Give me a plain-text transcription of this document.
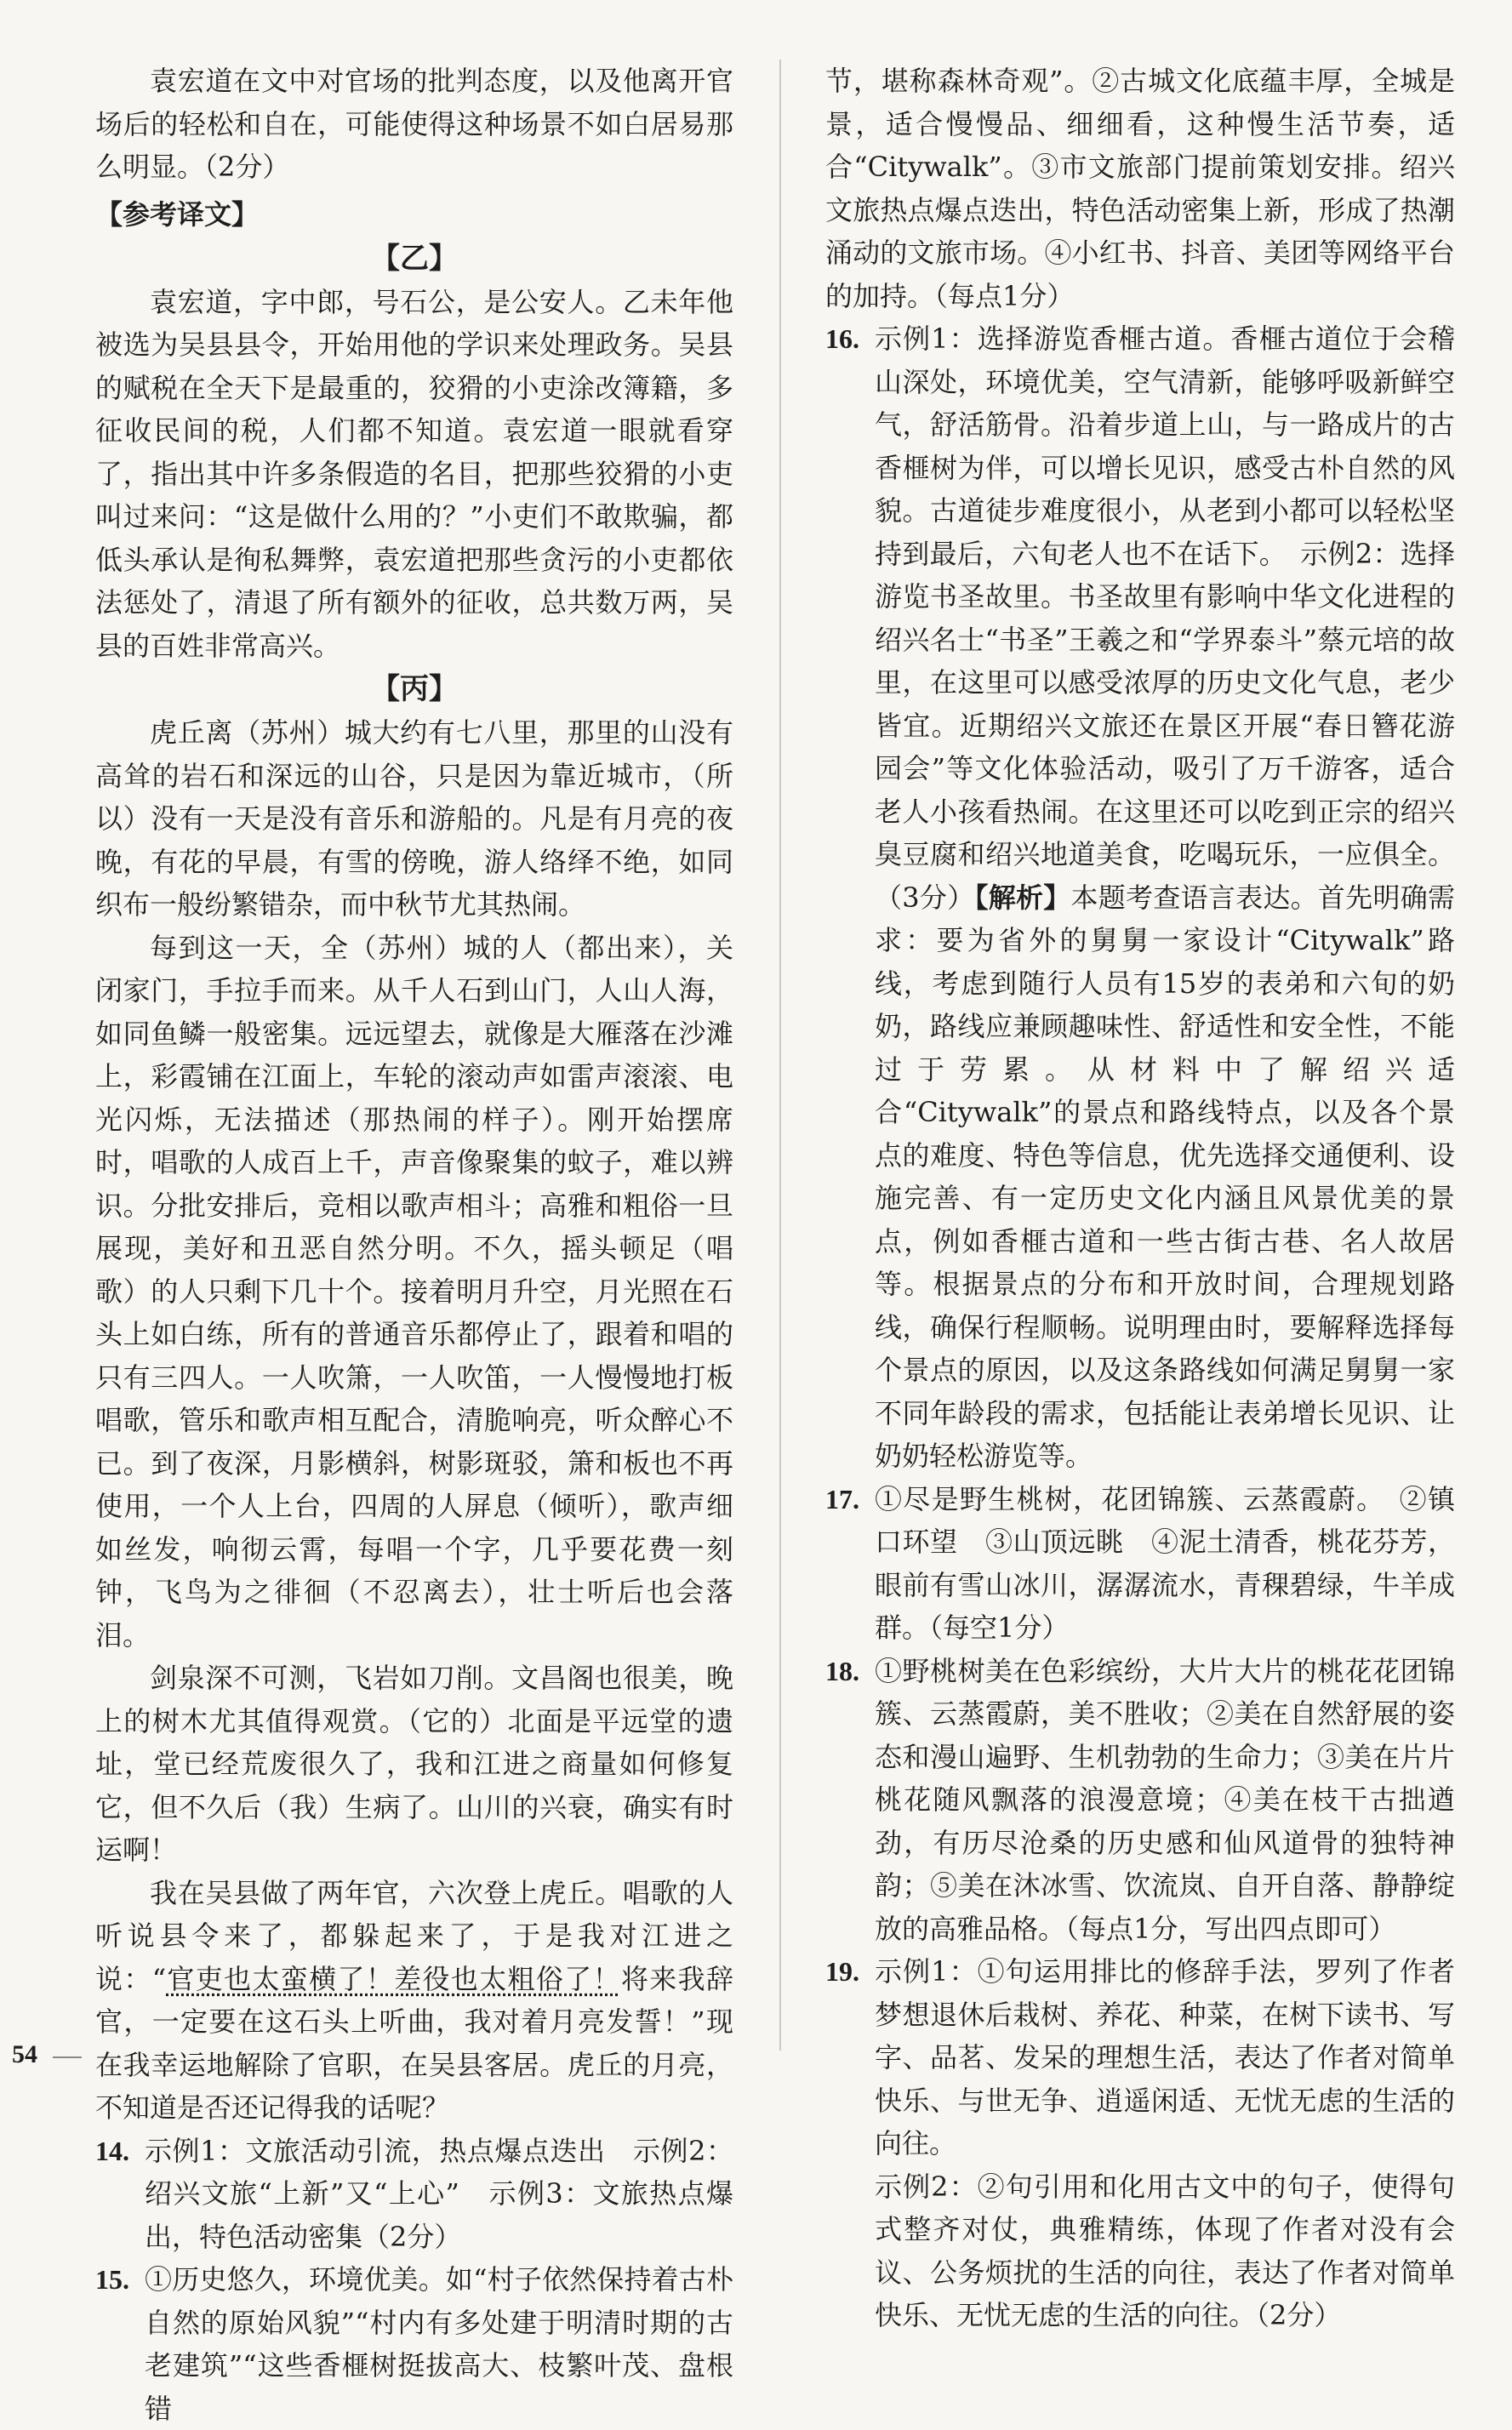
袁宏道在文中对官场的批判态度，以及他离开官场后的轻松和自在，可能使得这种场景不如白居易那么明显。（2分）

【参考译文】
【乙】

袁宏道，字中郎，号石公，是公安人。乙未年他被选为吴县县令，开始用他的学识来处理政务。吴县的赋税在全天下是最重的，狡猾的小吏涂改簿籍，多征收民间的税，人们都不知道。袁宏道一眼就看穿了，指出其中许多条假造的名目，把那些狡猾的小吏叫过来问：“这是做什么用的？”小吏们不敢欺骗，都低头承认是徇私舞弊，袁宏道把那些贪污的小吏都依法惩处了，清退了所有额外的征收，总共数万两，吴县的百姓非常高兴。

【丙】

虎丘离（苏州）城大约有七八里，那里的山没有高耸的岩石和深远的山谷，只是因为靠近城市，（所以）没有一天是没有音乐和游船的。凡是有月亮的夜晚，有花的早晨，有雪的傍晚，游人络绎不绝，如同织布一般纷繁错杂，而中秋节尤其热闹。

每到这一天，全（苏州）城的人（都出来），关闭家门，手拉手而来。从千人石到山门，人山人海，如同鱼鳞一般密集。远远望去，就像是大雁落在沙滩上，彩霞铺在江面上，车轮的滚动声如雷声滚滚、电光闪烁，无法描述（那热闹的样子）。刚开始摆席时，唱歌的人成百上千，声音像聚集的蚊子，难以辨识。分批安排后，竞相以歌声相斗；高雅和粗俗一旦展现，美好和丑恶自然分明。不久，摇头顿足（唱歌）的人只剩下几十个。接着明月升空，月光照在石头上如白练，所有的普通音乐都停止了，跟着和唱的只有三四人。一人吹箫，一人吹笛，一人慢慢地打板唱歌，管乐和歌声相互配合，清脆响亮，听众醉心不已。到了夜深，月影横斜，树影斑驳，箫和板也不再使用，一个人上台，四周的人屏息（倾听），歌声细如丝发，响彻云霄，每唱一个字，几乎要花费一刻钟，飞鸟为之徘徊（不忍离去），壮士听后也会落泪。

剑泉深不可测，飞岩如刀削。文昌阁也很美，晚上的树木尤其值得观赏。（它的）北面是平远堂的遗址，堂已经荒废很久了，我和江进之商量如何修复它，但不久后（我）生病了。山川的兴衰，确实有时运啊！

我在吴县做了两年官，六次登上虎丘。唱歌的人听说县令来了，都躲起来了，于是我对江进之说：“官吏也太蛮横了！差役也太粗俗了！将来我辞官，一定要在这石头上听曲，我对着月亮发誓！”现在我幸运地解除了官职，在吴县客居。虎丘的月亮，不知道是否还记得我的话呢？

14. 示例1：文旅活动引流，热点爆点迭出　示例2：绍兴文旅“上新”又“上心”　示例3：文旅热点爆出，特色活动密集（2分）

15. ①历史悠久，环境优美。如“村子依然保持着古朴自然的原始风貌”“村内有多处建于明清时期的古老建筑”“这些香榧树挺拔高大、枝繁叶茂、盘根错

节，堪称森林奇观”。②古城文化底蕴丰厚，全城是景，适合慢慢品、细细看，这种慢生活节奏，适合“Citywalk”。③市文旅部门提前策划安排。绍兴文旅热点爆点迭出，特色活动密集上新，形成了热潮涌动的文旅市场。④小红书、抖音、美团等网络平台的加持。（每点1分）

16. 示例1：选择游览香榧古道。香榧古道位于会稽山深处，环境优美，空气清新，能够呼吸新鲜空气，舒活筋骨。沿着步道上山，与一路成片的古香榧树为伴，可以增长见识，感受古朴自然的风貌。古道徒步难度很小，从老到小都可以轻松坚持到最后，六旬老人也不在话下。　示例2：选择游览书圣故里。书圣故里有影响中华文化进程的绍兴名士“书圣”王羲之和“学界泰斗”蔡元培的故里，在这里可以感受浓厚的历史文化气息，老少皆宜。近期绍兴文旅还在景区开展“春日簪花游园会”等文化体验活动，吸引了万千游客，适合老人小孩看热闹。在这里还可以吃到正宗的绍兴臭豆腐和绍兴地道美食，吃喝玩乐，一应俱全。（3分）【解析】本题考查语言表达。首先明确需求：要为省外的舅舅一家设计“Citywalk”路线，考虑到随行人员有15岁的表弟和六旬的奶奶，路线应兼顾趣味性、舒适性和安全性，不能过于劳累。从材料中了解绍兴适合“Citywalk”的景点和路线特点，以及各个景点的难度、特色等信息，优先选择交通便利、设施完善、有一定历史文化内涵且风景优美的景点，例如香榧古道和一些古街古巷、名人故居等。根据景点的分布和开放时间，合理规划路线，确保行程顺畅。说明理由时，要解释选择每个景点的原因，以及这条路线如何满足舅舅一家不同年龄段的需求，包括能让表弟增长见识、让奶奶轻松游览等。

17. ①尽是野生桃树，花团锦簇、云蒸霞蔚。　②镇口环望　③山顶远眺　④泥土清香，桃花芬芳，眼前有雪山冰川，潺潺流水，青稞碧绿，牛羊成群。（每空1分）

18. ①野桃树美在色彩缤纷，大片大片的桃花花团锦簇、云蒸霞蔚，美不胜收；②美在自然舒展的姿态和漫山遍野、生机勃勃的生命力；③美在片片桃花随风飘落的浪漫意境；④美在枝干古拙遒劲，有历尽沧桑的历史感和仙风道骨的独特神韵；⑤美在沐冰雪、饮流岚、自开自落、静静绽放的高雅品格。（每点1分，写出四点即可）

19. 示例1：①句运用排比的修辞手法，罗列了作者梦想退休后栽树、养花、种菜，在树下读书、写字、品茗、发呆的理想生活，表达了作者对简单快乐、与世无争、逍遥闲适、无忧无虑的生活的向往。

示例2：②句引用和化用古文中的句子，使得句式整齐对仗，典雅精练，体现了作者对没有会议、公务烦扰的生活的向往，表达了作者对简单快乐、无忧无虑的生活的向往。（2分）

54
